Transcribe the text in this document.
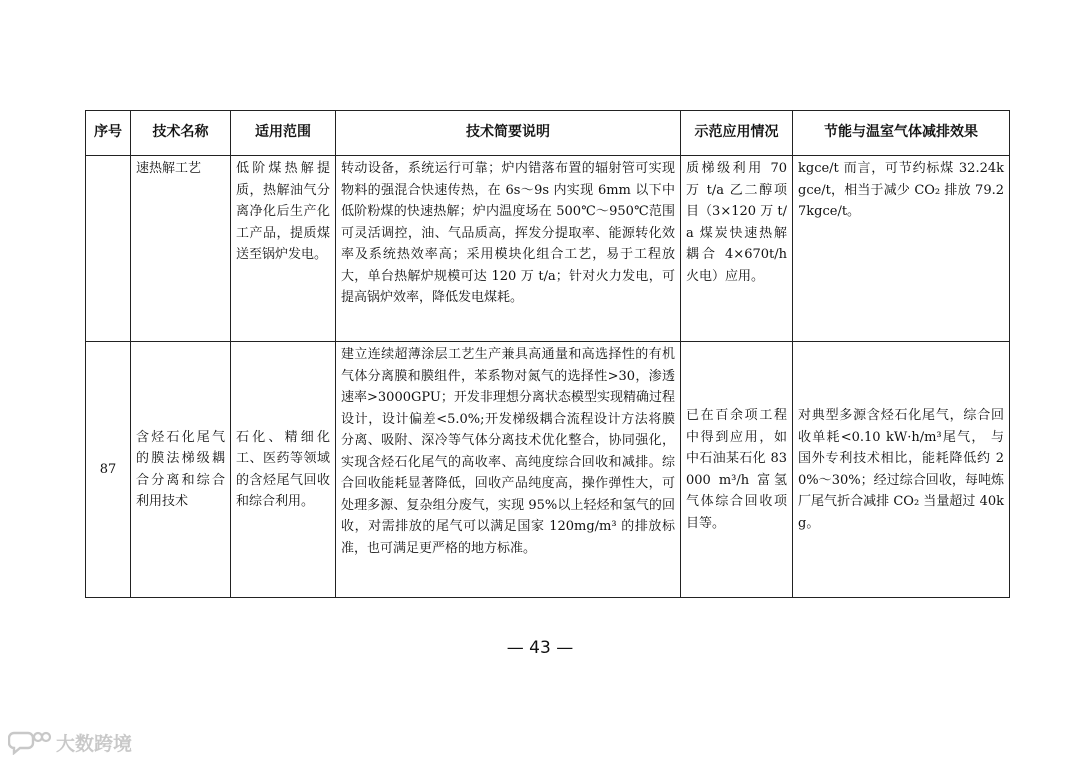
序号	技术名称	适用范围	技术简要说明	示范应用情况	节能与温室气体减排效果
	速热解工艺	低阶煤热解提质，热解油气分离净化后生产化工产品，提质煤送至锅炉发电。	转动设备，系统运行可靠；炉内错落布置的辐射管可实现物料的强混合快速传热，在 6s～9s 内实现 6mm 以下中低阶粉煤的快速热解；炉内温度场在 500℃～950℃范围可灵活调控，油、气品质高，挥发分提取率、能源转化效率及系统热效率高；采用模块化组合工艺，易于工程放大，单台热解炉规模可达 120 万 t/a；针对火力发电，可提高锅炉效率，降低发电煤耗。	质梯级利用 70 万 t/a 乙二醇项目（3×120 万 t/a 煤炭快速热解耦合 4×670t/h 火电）应用。	kgce/t 而言，可节约标煤 32.24kgce/t，相当于减少 CO₂ 排放 79.27kgce/t。
87	含烃石化尾气的膜法梯级耦合分离和综合利用技术	石化、精细化工、医药等领域的含烃尾气回收和综合利用。	建立连续超薄涂层工艺生产兼具高通量和高选择性的有机气体分离膜和膜组件，苯系物对氮气的选择性>30，渗透速率>3000GPU；开发非理想分离状态模型实现精确过程设计，设计偏差<5.0%;开发梯级耦合流程设计方法将膜分离、吸附、深冷等气体分离技术优化整合，协同强化，实现含烃石化尾气的高收率、高纯度综合回收和减排。综合回收能耗显著降低，回收产品纯度高，操作弹性大，可处理多源、复杂组分废气，实现 95%以上轻烃和氢气的回收，对需排放的尾气可以满足国家 120mg/m³ 的排放标准，也可满足更严格的地方标准。	已在百余项工程中得到应用，如中石油某石化 83000 m³/h 富氢气体综合回收项目等。	对典型多源含烃石化尾气，综合回收单耗<0.10 kW·h/m³尾气， 与国外专利技术相比，能耗降低约 20%～30%；经过综合回收，每吨炼厂尾气折合减排 CO₂ 当量超过 40kg。
— 43 —
大数跨境
